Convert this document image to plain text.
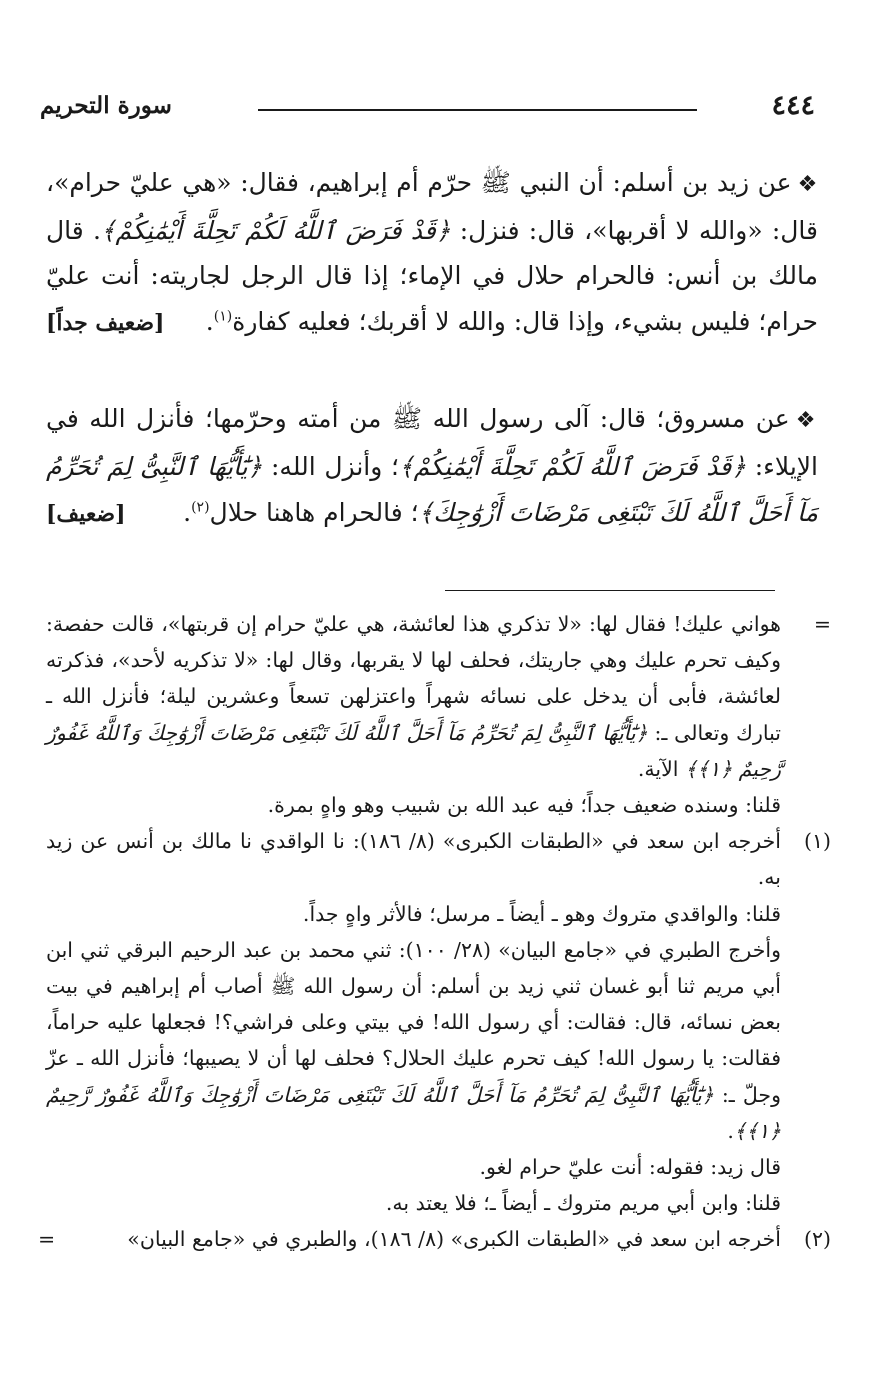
٤٤٤
سورة التحريم

❖عن زيد بن أسلم: أن النبي ﷺ حرّم أم إبراهيم، فقال: «هي عليّ حرام»، قال: «والله لا أقربها»، قال: فنزل: ﴿قَدْ فَرَضَ ٱللَّهُ لَكُمْ تَحِلَّةَ أَيْمَٰنِكُمْ﴾. قال مالك بن أنس: فالحرام حلال في الإماء؛ إذا قال الرجل لجاريته: أنت عليّ حرام؛ فليس بشيء، وإذا قال: والله لا أقربك؛ فعليه كفارة$^{(١)}$.

[ضعيف جداً]

❖عن مسروق؛ قال: آلى رسول الله ﷺ من أمته وحرّمها؛ فأنزل الله في الإيلاء: ﴿قَدْ فَرَضَ ٱللَّهُ لَكُمْ تَحِلَّةَ أَيْمَٰنِكُمْ﴾؛ وأنزل الله: ﴿يَٰٓأَيُّهَا ٱلنَّبِىُّ لِمَ تُحَرِّمُ مَآ أَحَلَّ ٱللَّهُ لَكَ تَبْتَغِى مَرْضَاتَ أَزْوَٰجِكَ﴾؛ فالحرام هاهنا حلال$^{(٢)}$.

[ضعيف]
=

هواني عليك! فقال لها: «لا تذكري هذا لعائشة، هي عليّ حرام إن قربتها»، قالت حفصة: وكيف تحرم عليك وهي جاريتك، فحلف لها لا يقربها، وقال لها: «لا تذكريه لأحد»، فذكرته لعائشة، فأبى أن يدخل على نسائه شهراً واعتزلهن تسعاً وعشرين ليلة؛ فأنزل الله ـ تبارك وتعالى ـ: ﴿يَٰٓأَيُّهَا ٱلنَّبِىُّ لِمَ تُحَرِّمُ مَآ أَحَلَّ ٱللَّهُ لَكَ تَبْتَغِى مَرْضَاتَ أَزْوَٰجِكَ وَٱللَّهُ غَفُورٌ رَّحِيمٌ ﴿١﴾﴾ الآية.

قلنا: وسنده ضعيف جداً؛ فيه عبد الله بن شبيب وهو واهٍ بمرة.

(١)

أخرجه ابن سعد في «الطبقات الكبرى» (٨/ ١٨٦): نا الواقدي نا مالك بن أنس عن زيد به.

قلنا: والواقدي متروك وهو ـ أيضاً ـ مرسل؛ فالأثر واهٍ جداً.

وأخرج الطبري في «جامع البيان» (٢٨/ ١٠٠): ثني محمد بن عبد الرحيم البرقي ثني ابن أبي مريم ثنا أبو غسان ثني زيد بن أسلم: أن رسول الله ﷺ أصاب أم إبراهيم في بيت بعض نسائه، قال: فقالت: أي رسول الله! في بيتي وعلى فراشي؟! فجعلها عليه حراماً، فقالت: يا رسول الله! كيف تحرم عليك الحلال؟ فحلف لها أن لا يصيبها؛ فأنزل الله ـ عزّ وجلّ ـ: ﴿يَٰٓأَيُّهَا ٱلنَّبِىُّ لِمَ تُحَرِّمُ مَآ أَحَلَّ ٱللَّهُ لَكَ تَبْتَغِى مَرْضَاتَ أَزْوَٰجِكَ وَٱللَّهُ غَفُورٌ رَّحِيمٌ ﴿١﴾﴾.

قال زيد: فقوله: أنت عليّ حرام لغو.

قلنا: وابن أبي مريم متروك ـ أيضاً ـ؛ فلا يعتد به.

(٢)

أخرجه ابن سعد في «الطبقات الكبرى» (٨/ ١٨٦)، والطبري في «جامع البيان»

=
